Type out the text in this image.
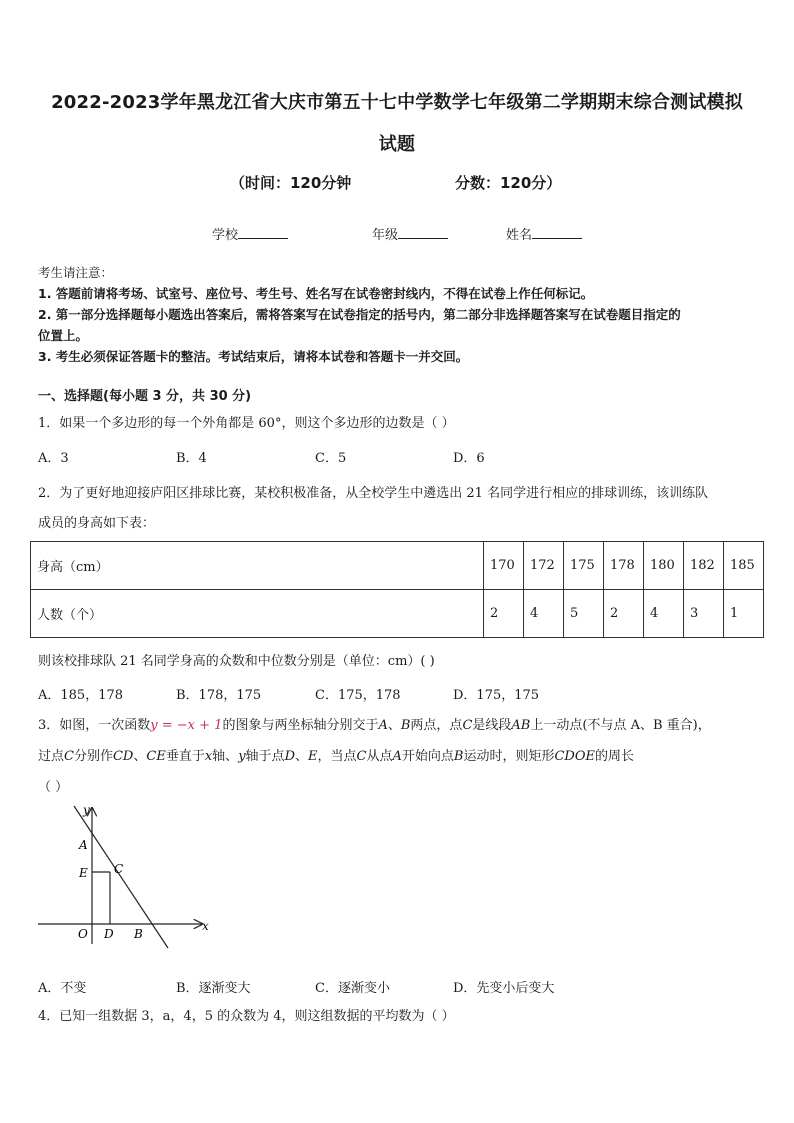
2022-2023学年黑龙江省大庆市第五十七中学数学七年级第二学期期末综合测试模拟
试题
（时间：120分钟	分数：120分）
学校	年级	姓名
考生请注意：
1. 答题前请将考场、试室号、座位号、考生号、姓名写在试卷密封线内，不得在试卷上作任何标记。
2. 第一部分选择题每小题选出答案后，需将答案写在试卷指定的括号内，第二部分非选择题答案写在试卷题目指定的
位置上。
3. 考生必须保证答题卡的整洁。考试结束后，请将本试卷和答题卡一并交回。
一、选择题(每小题 3 分，共 30 分)
1．如果一个多边形的每一个外角都是 60°，则这个多边形的边数是（ ）
A．3	B．4	C．5	D．6
2．为了更好地迎接庐阳区排球比赛，某校积极准备，从全校学生中遴选出 21 名同学进行相应的排球训练，该训练队
成员的身高如下表：
身高（cm）	170	172	175	178	180	182	185
人数（个）	2	4	5	2	4	3	1
则该校排球队 21 名同学身高的众数和中位数分别是（单位：cm）( )
A．185，178	B．178，175	C．175，178	D．175，175
3．如图，一次函数y = −x + 1的图象与两坐标轴分别交于A、B两点，点C是线段AB上一动点(不与点 A、B 重合)，
过点C分别作CD、CE垂直于x轴、y轴于点D、E，当点C从点A开始向点B运动时，则矩形CDOE的周长
（ ）
y
A
E C
O D B
x
A．不变	B．逐渐变大	C．逐渐变小	D．先变小后变大
4．已知一组数据 3，a，4，5 的众数为 4，则这组数据的平均数为（ ）
